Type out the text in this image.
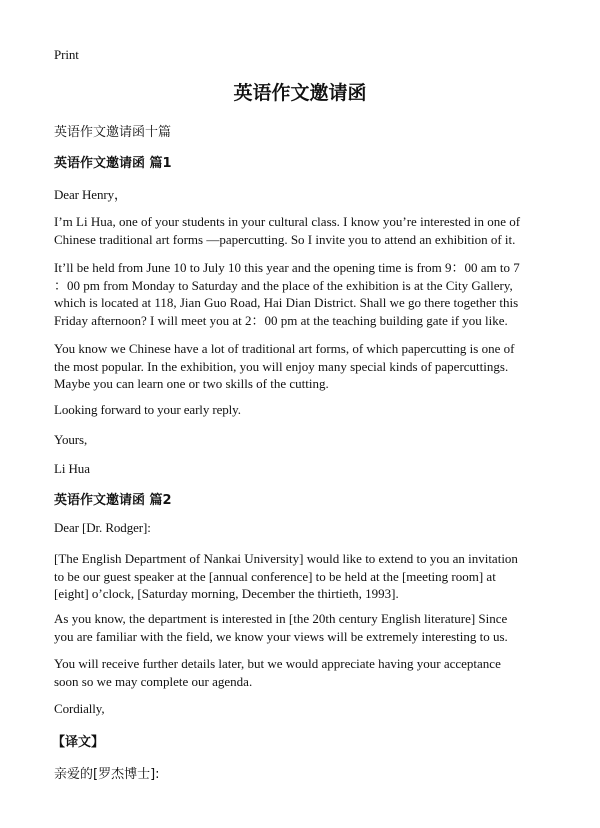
Print
英语作文邀请函
英语作文邀请函十篇
英语作文邀请函 篇1
Dear Henry，
I’m Li Hua, one of your students in your cultural class. I know you’re interested in one of
Chinese traditional art forms —papercutting. So I invite you to attend an exhibition of it.
It’ll be held from June 10 to July 10 this year and the opening time is from 9：00 am to 7
：00 pm from Monday to Saturday and the place of the exhibition is at the City Gallery,
which is located at 118, Jian Guo Road, Hai Dian District. Shall we go there together this
Friday afternoon? I will meet you at 2：00 pm at the teaching building gate if you like.
You know we Chinese have a lot of traditional art forms, of which papercutting is one of
the most popular. In the exhibition, you will enjoy many special kinds of papercuttings.
Maybe you can learn one or two skills of the cutting.
Looking forward to your early reply.
Yours,
Li Hua
英语作文邀请函 篇2
Dear [Dr. Rodger]:
[The English Department of Nankai University] would like to extend to you an invitation
to be our guest speaker at the [annual conference] to be held at the [meeting room] at
[eight] o’clock, [Saturday morning, December the thirtieth, 1993].
As you know, the department is interested in [the 20th century English literature] Since
you are familiar with the field, we know your views will be extremely interesting to us.
You will receive further details later, but we would appreciate having your acceptance
soon so we may complete our agenda.
Cordially,
【译文】
亲爱的[罗杰博士]:
